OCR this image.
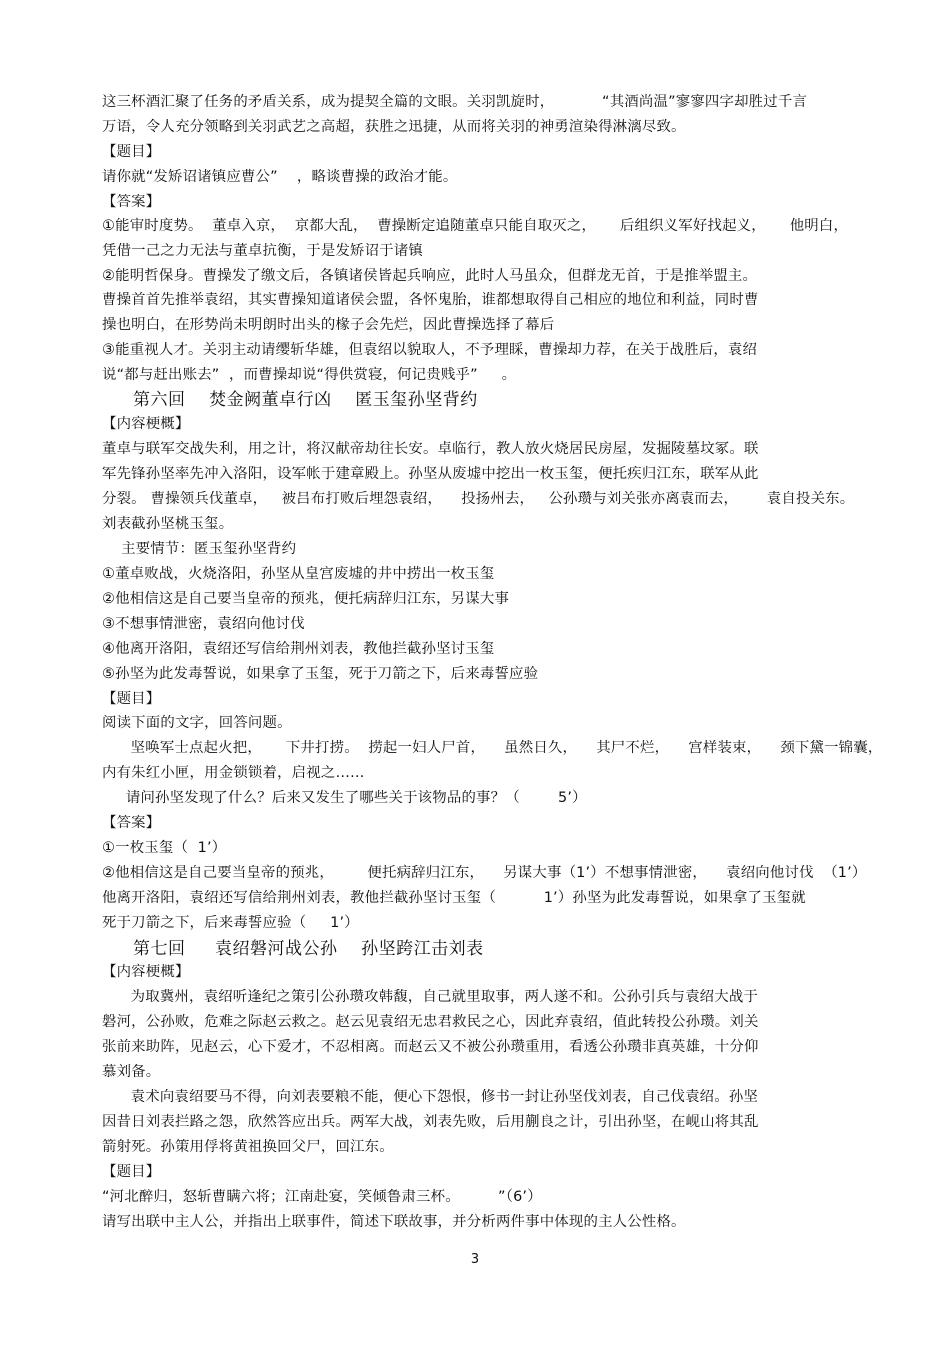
这三杯酒汇聚了任务的矛盾关系，成为提契全篇的文眼。关羽凯旋时，          “其酒尚温”寥寥四字却胜过千言
万语，令人充分领略到关羽武艺之高超，获胜之迅捷，从而将关羽的神勇渲染得淋漓尽致。
【题目】
请你就“发矫诏诸镇应曹公”    ，略谈曹操的政治才能。
【答案】
①能审时度势。  董卓入京，  京都大乱，  曹操断定追随董卓只能自取灭之，     后组织义军好找起义，     他明白，
凭借一己之力无法与董卓抗衡，于是发矫诏于诸镇
②能明哲保身。曹操发了缴文后，各镇诸侯皆起兵响应，此时人马虽众，但群龙无首，于是推举盟主。
曹操首首先推举袁绍，其实曹操知道诸侯会盟，各怀鬼胎，谁都想取得自己相应的地位和利益，同时曹
操也明白，在形势尚未明朗时出头的椽子会先烂，因此曹操选择了幕后
③能重视人才。关羽主动请缨斩华雄，但袁绍以貌取人，不予理睬，曹操却力荐，在关于战胜后，袁绍
说“都与赶出账去”  ，而曹操却说“得供赏寝，何记贵贱乎”     。
第六回    焚金阙董卓行凶    匿玉玺孙坚背约
【内容梗概】
董卓与联军交战失利，用之计，将汉献帝劫往长安。卓临行，教人放火烧居民房屋，发掘陵墓坟冢。联
军先锋孙坚率先冲入洛阳，设军帐于建章殿上。孙坚从废墟中挖出一枚玉玺，便托疾归江东，联军从此
分裂。 曹操领兵伐董卓，   被吕布打败后埋怨袁绍，    投扬州去，   公孙瓒与刘关张亦离袁而去，      袁自投关东。
刘表截孙坚桃玉玺。
主要情节：匿玉玺孙坚背约
①董卓败战，火烧洛阳，孙坚从皇宫废墟的井中捞出一枚玉玺
②他相信这是自己要当皇帝的预兆，便托病辞归江东，另谋大事
③不想事情泄密，袁绍向他讨伐
④他离开洛阳，袁绍还写信给荆州刘表，教他拦截孙坚讨玉玺
⑤孙坚为此发毒誓说，如果拿了玉玺，死于刀箭之下，后来毒誓应验
【题目】
阅读下面的文字，回答问题。
坚唤军士点起火把，     下井打捞。  捞起一妇人尸首，    虽然日久，    其尸不烂，    宫样装束，    颈下黛一锦囊，
内有朱红小匣，用金锁锁着，启视之……
请问孙坚发现了什么？后来又发生了哪些关于该物品的事？（        5’）
【答案】
①一枚玉玺（  1’）
②他相信这是自己要当皇帝的预兆，       便托病辞归江东，    另谋大事（1’）不想事情泄密，    袁绍向他讨伐  （1’）
他离开洛阳，袁绍还写信给荆州刘表，教他拦截孙坚讨玉玺（          1’）孙坚为此发毒誓说，如果拿了玉玺就
死于刀箭之下，后来毒誓应验（     1’）
第七回     袁绍磐河战公孙    孙坚跨江击刘表
【内容梗概】
为取冀州，袁绍听逢纪之策引公孙瓒攻韩馥，自己就里取事，两人遂不和。公孙引兵与袁绍大战于
磐河，公孙败，危难之际赵云救之。赵云见袁绍无忠君救民之心，因此弃袁绍，值此转投公孙瓒。刘关
张前来助阵，见赵云，心下爱才，不忍相离。而赵云又不被公孙瓒重用，看透公孙瓒非真英雄，十分仰
慕刘备。
袁术向袁绍要马不得，向刘表要粮不能，便心下怨恨，修书一封让孙坚伐刘表，自己伐袁绍。孙坚
因昔日刘表拦路之怨，欣然答应出兵。两军大战，刘表先败，后用蒯良之计，引出孙坚，在岘山将其乱
箭射死。孙策用俘将黄祖换回父尸，回江东。
【题目】
“河北醉归，怒斩曹瞒六将；江南赴宴，笑倾鲁肃三杯。        ”（6’）
请写出联中主人公，并指出上联事件，简述下联故事，并分析两件事中体现的主人公性格。
3
